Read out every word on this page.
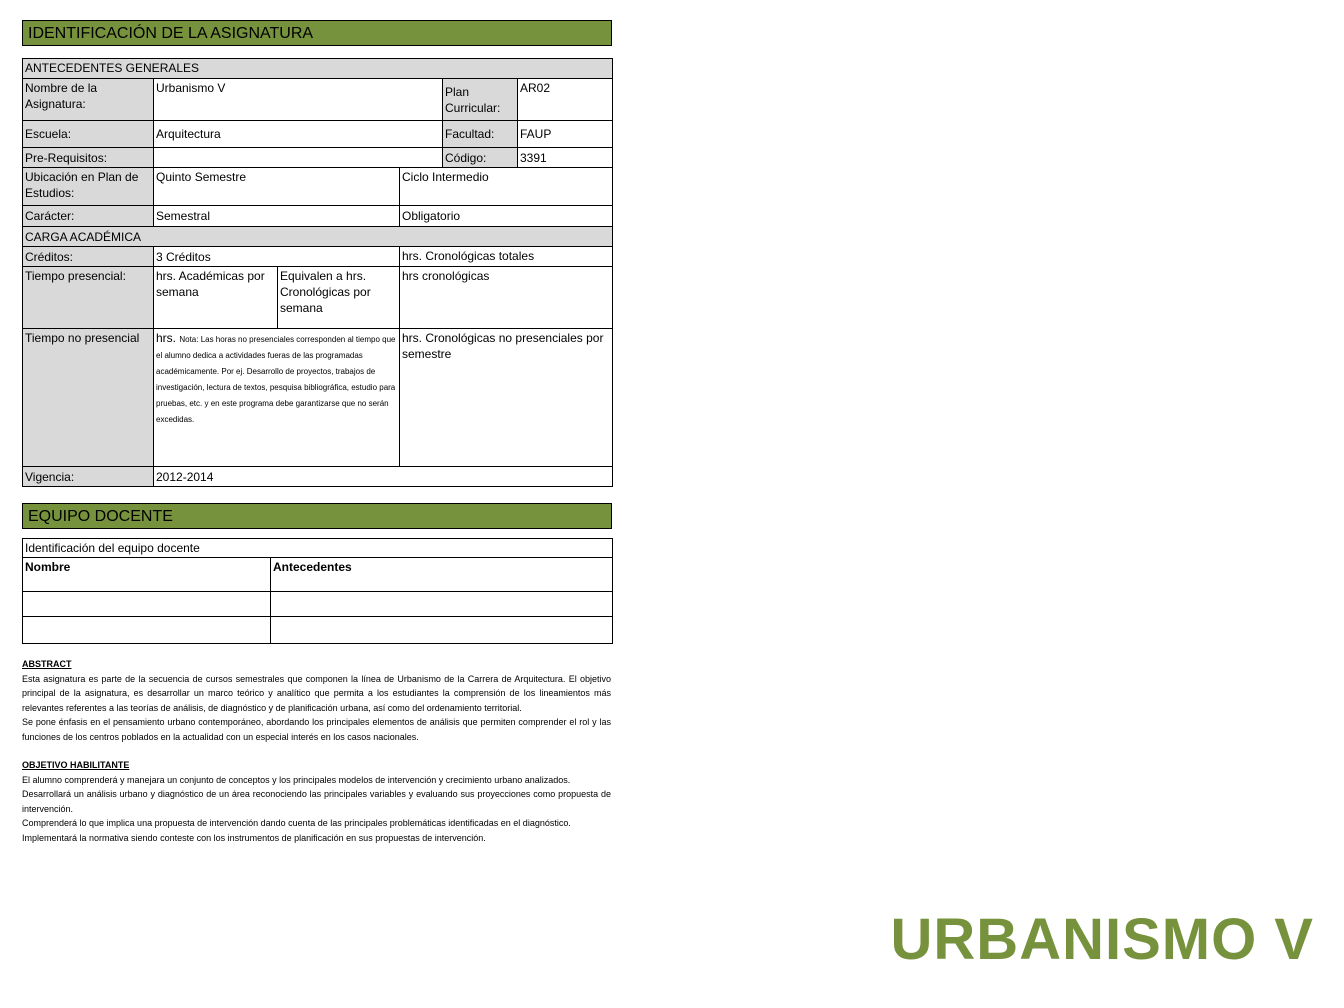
IDENTIFICACIÓN DE LA ASIGNATURA
ANTECEDENTES GENERALES					
Nombre de la Asignatura:	Urbanismo V			Plan Curricular:	AR02
Escuela:	Arquitectura			Facultad:	FAUP
Pre-Requisitos:				Código:	3391
Ubicación en Plan de Estudios:	Quinto Semestre		Ciclo Intermedio		
Carácter:	Semestral		Obligatorio		
CARGA ACADÉMICA					
Créditos:	3 Créditos		hrs. Cronológicas totales		
Tiempo presencial:	hrs. Académicas por semana	Equivalen a hrs. Cronológicas por semana	hrs cronológicas		
Tiempo no presencial	hrs. Nota: Las horas no presenciales corresponden al tiempo que el alumno dedica a actividades fueras de las programadas académicamente. Por ej. Desarrollo de proyectos, trabajos de investigación, lectura de textos, pesquisa bibliográfica, estudio para pruebas, etc. y en este programa debe garantizarse que no serán excedidas.		hrs. Cronológicas no presenciales por semestre		
Vigencia:	2012-2014				
EQUIPO DOCENTE
Identificación del equipo docente	
Nombre	Antecedentes

ABSTRACT

Esta asignatura es parte de la secuencia de cursos semestrales que componen la línea de Urbanismo de la Carrera de Arquitectura. El objetivo principal de la asignatura, es desarrollar un marco teórico y analítico que permita a los estudiantes la comprensión de los lineamientos más relevantes referentes a las teorías de análisis, de diagnóstico y de planificación urbana, así como del ordenamiento territorial.

Se pone énfasis en el pensamiento urbano contemporáneo, abordando los principales elementos de análisis que permiten comprender el rol y las funciones de los centros poblados en la actualidad con un especial interés en los casos nacionales.

OBJETIVO HABILITANTE

El alumno comprenderá y manejara un conjunto de conceptos y los principales modelos de intervención y crecimiento urbano analizados.

Desarrollará un análisis urbano y diagnóstico de un área reconociendo las principales variables y evaluando sus proyecciones como propuesta de intervención.

Comprenderá lo que implica una propuesta de intervención dando cuenta de las principales problemáticas identificadas en el diagnóstico.

Implementará la normativa siendo conteste con los instrumentos de planificación en sus propuestas de intervención.

URBANISMO V
